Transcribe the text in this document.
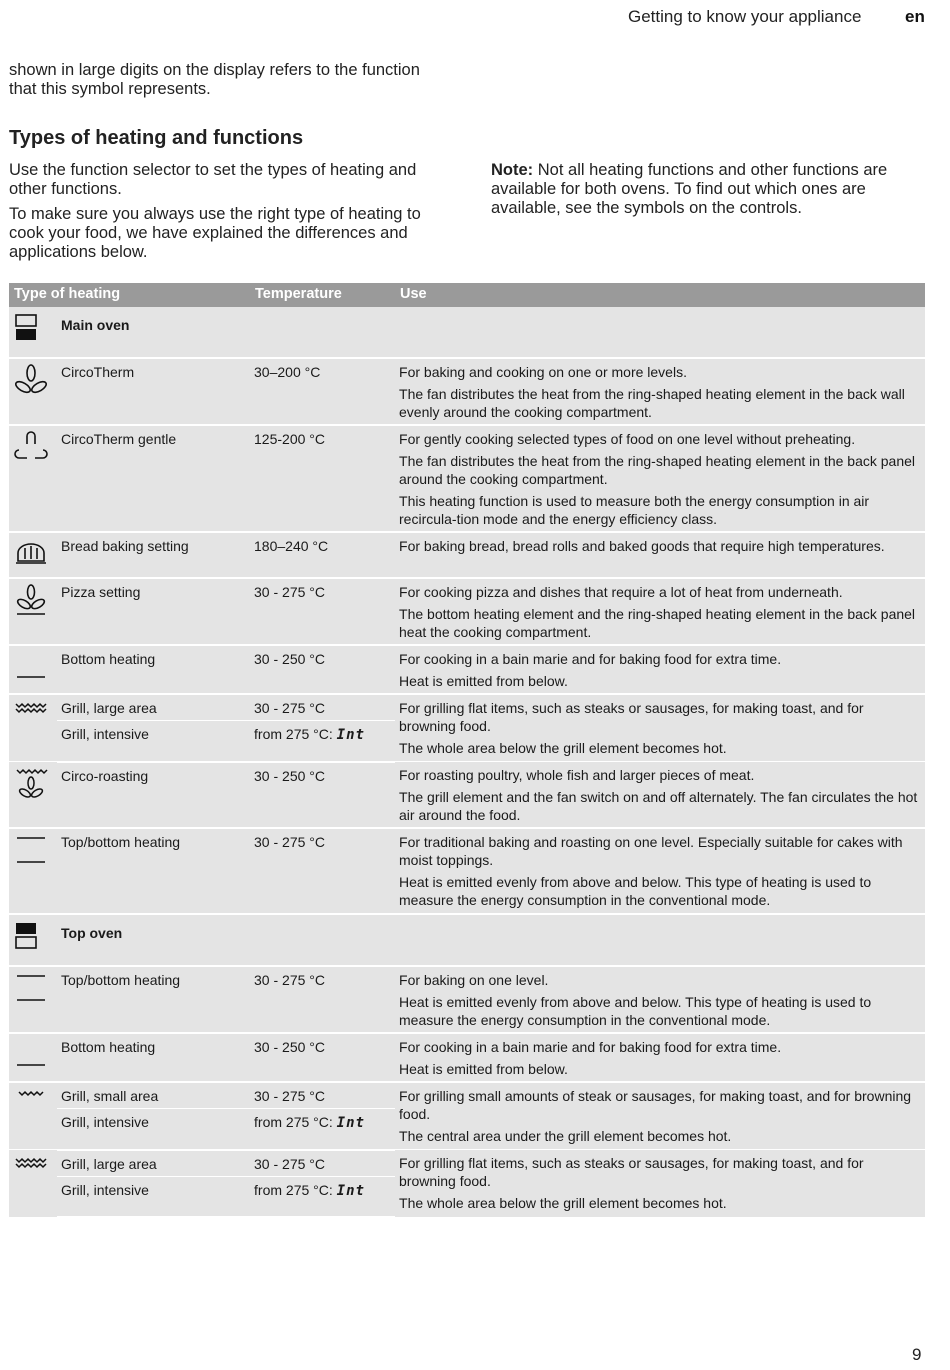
Getting to know your appliance	en
shown in large digits on the display refers to the function that this symbol represents.
Types of heating and functions
Use the function selector to set the types of heating and other functions.
To make sure you always use the right type of heating to cook your food, we have explained the differences and applications below.
Note: Not all heating functions and other functions are available for both ovens. To find out which ones are available, see the symbols on the controls.
Type of heating		Temperature	Use

	Main oven		

	CircoTherm	30–200 °C	For baking and cooking on one or more levels.

The fan distributes the heat from the ring-shaped heating element in the back wall evenly around the cooking compartment.

	CircoTherm gentle	125-200 °C	For gently cooking selected types of food on one level without preheating.

The fan distributes the heat from the ring-shaped heating element in the back panel around the cooking compartment.

This heating function is used to measure both the energy consumption in air recircula-tion mode and the energy efficiency class.

	Bread baking setting	180–240 °C	For baking bread, bread rolls and baked goods that require high temperatures.

	Pizza setting	30 - 275 °C	For cooking pizza and dishes that require a lot of heat from underneath.

The bottom heating element and the ring-shaped heating element in the back panel heat the cooking compartment.

	Bottom heating	30 - 250 °C	For cooking in a bain marie and for baking food for extra time.

Heat is emitted from below.

	Grill, large area	30 - 275 °C	For grilling flat items, such as steaks or sausages, for making toast, and for browning food.

The whole area below the grill element becomes hot.

	Grill, intensive	from 275 °C: Int	

	Circo-roasting	30 - 250 °C	For roasting poultry, whole fish and larger pieces of meat.

The grill element and the fan switch on and off alternately. The fan circulates the hot air around the food.

	Top/bottom heating	30 - 275 °C	For traditional baking and roasting on one level. Especially suitable for cakes with moist toppings.

Heat is emitted evenly from above and below. This type of heating is used to measure the energy consumption in the conventional mode.

	Top oven		

	Top/bottom heating	30 - 275 °C	For baking on one level.

Heat is emitted evenly from above and below. This type of heating is used to measure the energy consumption in the conventional mode.

	Bottom heating	30 - 250 °C	For cooking in a bain marie and for baking food for extra time.

Heat is emitted from below.

	Grill, small area	30 - 275 °C	For grilling small amounts of steak or sausages, for making toast, and for browning food.

The central area under the grill element becomes hot.

	Grill, intensive	from 275 °C: Int	

	Grill, large area	30 - 275 °C	For grilling flat items, such as steaks or sausages, for making toast, and for browning food.

The whole area below the grill element becomes hot.

	Grill, intensive	from 275 °C: Int	
9
